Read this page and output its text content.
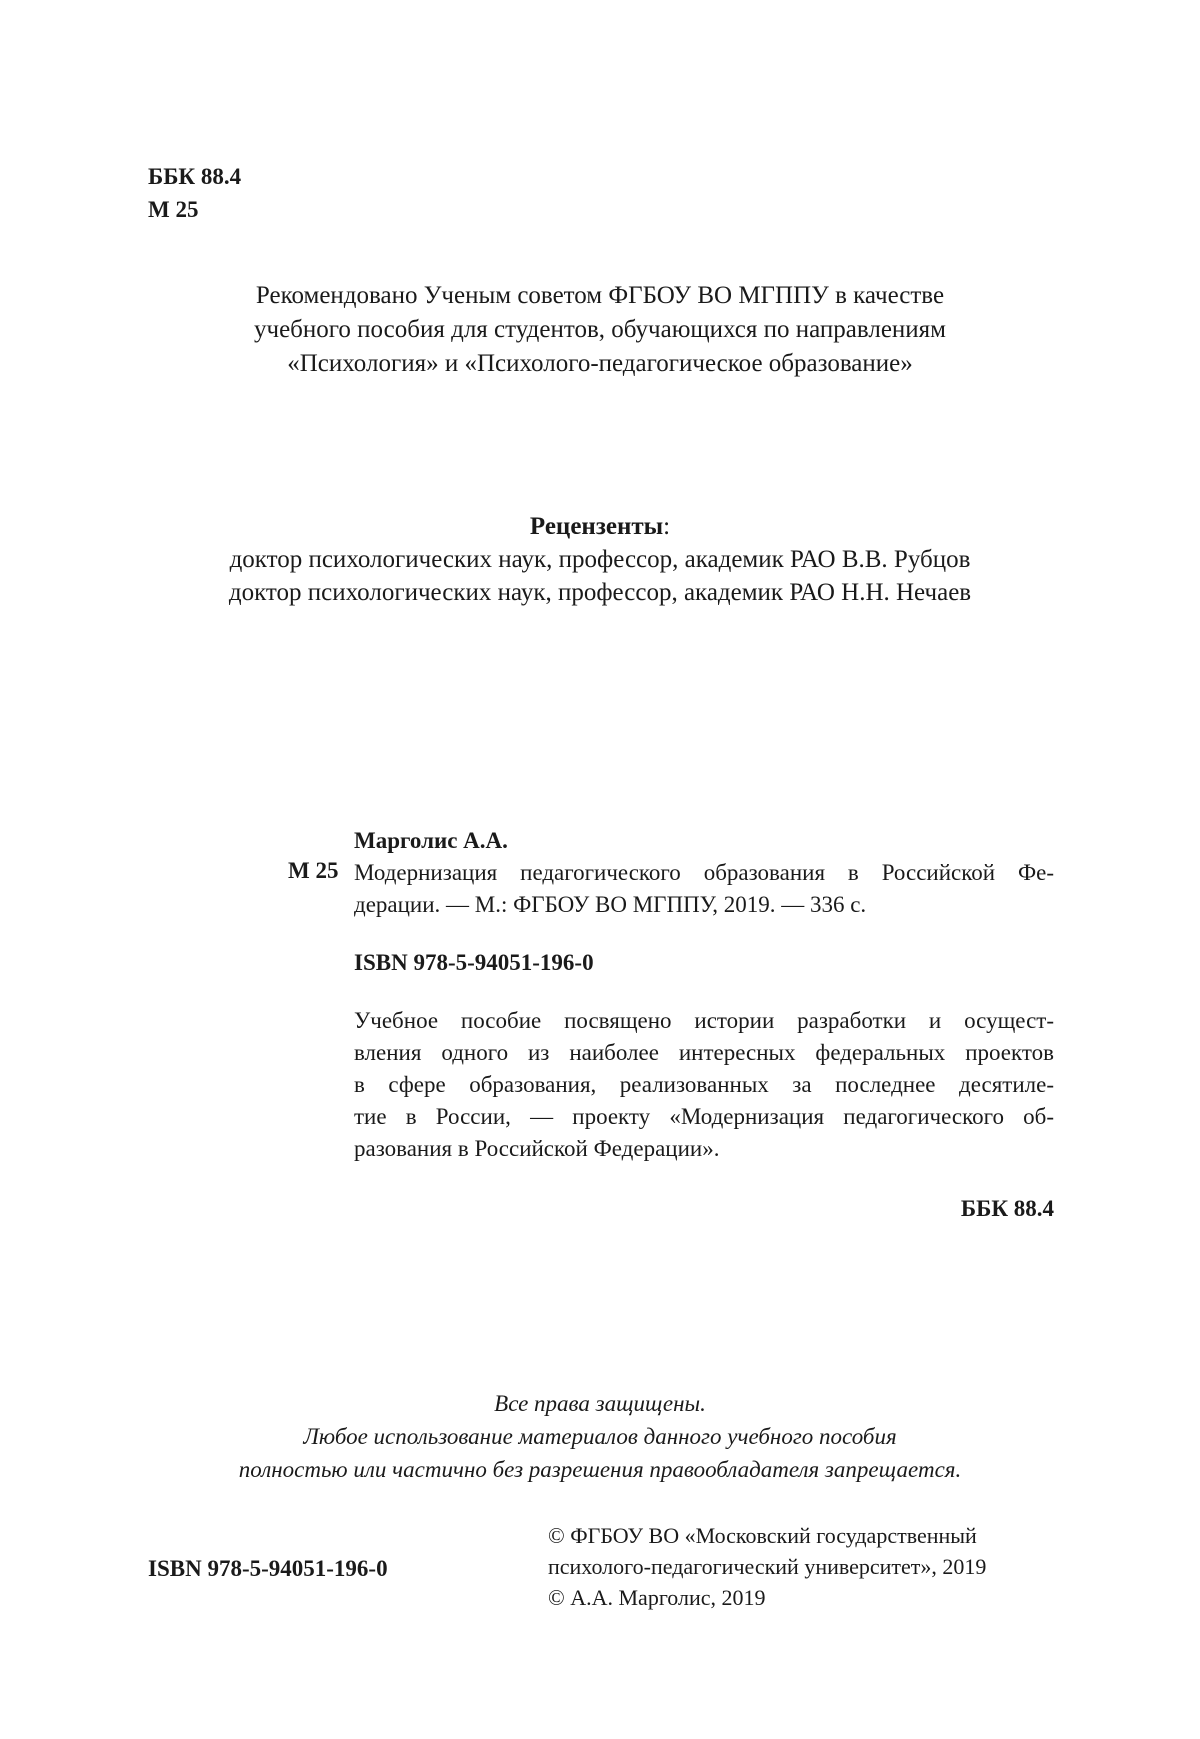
ББК 88.4
М 25
Рекомендовано Ученым советом ФГБОУ ВО МГППУ в качестве
учебного пособия для студентов, обучающихся по направлениям
«Психология» и «Психолого-педагогическое образование»
Рецензенты:
доктор психологических наук, профессор, академик РАО В.В. Рубцов
доктор психологических наук, профессор, академик РАО Н.Н. Нечаев
М 25
Марголис А.А.
Модернизация педагогического образования в Российской Фе-
дерации. — М.: ФГБОУ ВО МГППУ, 2019. — 336 с.
ISBN 978-5-94051-196-0
Учебное пособие посвящено истории разработки и осущест-
вления одного из наиболее интересных федеральных проектов
в сфере образования, реализованных за последнее десятиле-
тие в России, — проекту «Модернизация педагогического об-
разования в Российской Федерации».
ББК 88.4
Все права защищены.
Любое использование материалов данного учебного пособия
полностью или частично без разрешения правообладателя запрещается.
ISBN 978-5-94051-196-0
© ФГБОУ ВО «Московский государственный
психолого-педагогический университет», 2019
© А.А. Марголис, 2019
